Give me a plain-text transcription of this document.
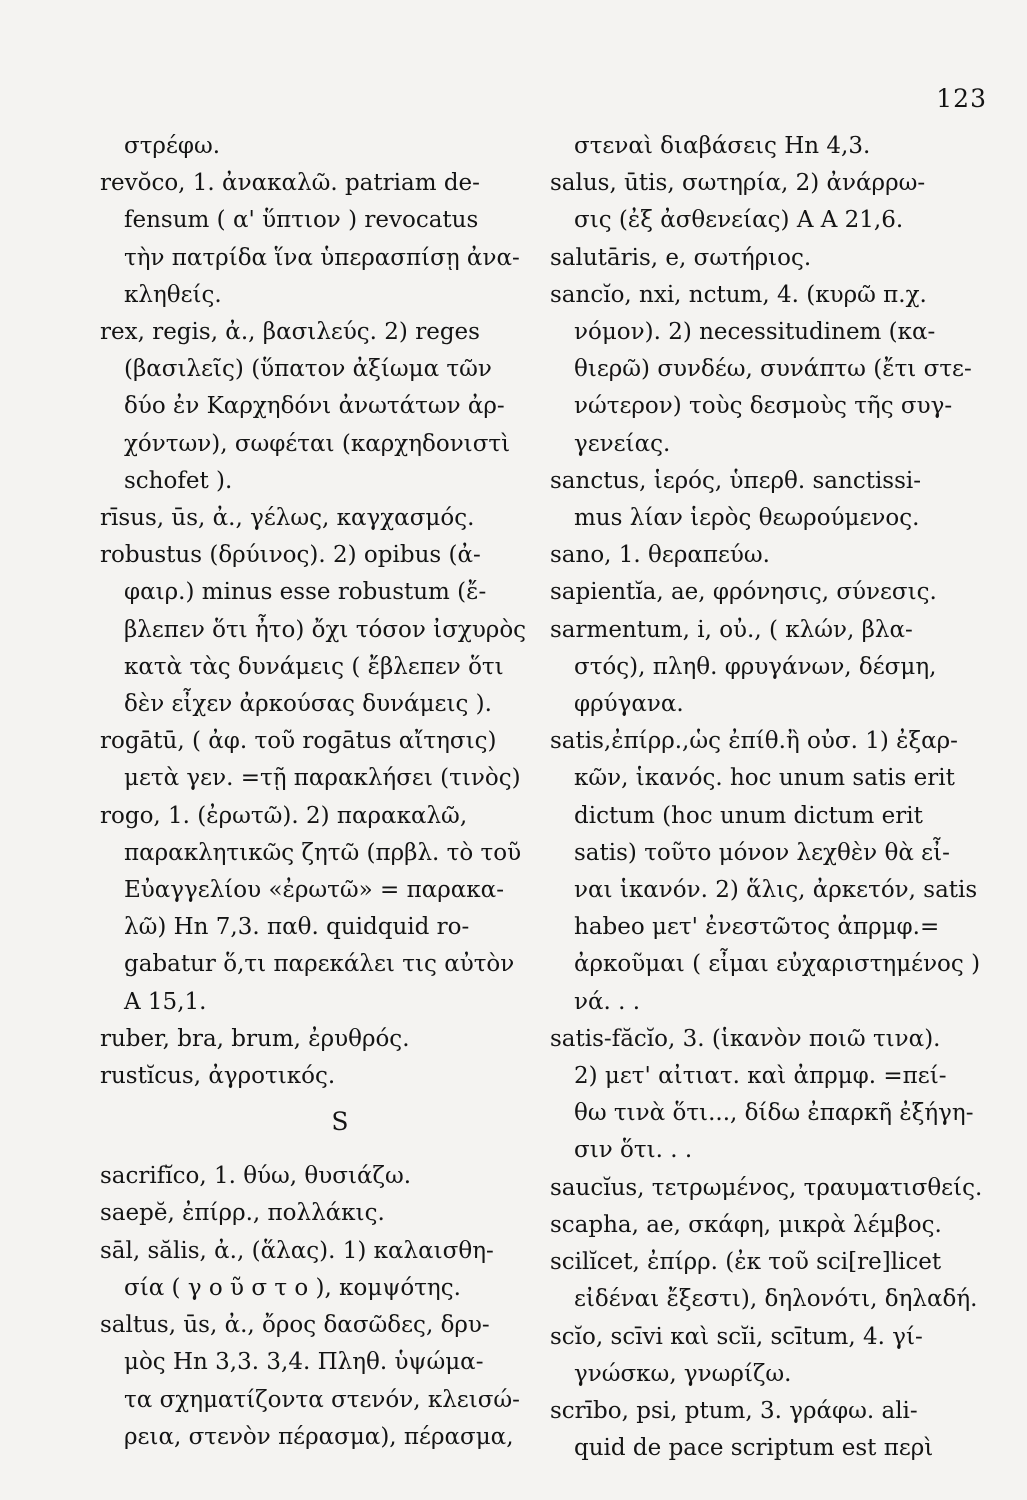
123
στρέφω.
revŏco, 1. ἀνακαλῶ. patriam de-
fensum ( α' ὕπτιον ) revocatus
τὴν πατρίδα ἵνα ὑπερασπίσῃ ἀνα-
κληθείς.
rex, regis, ἀ., βασιλεύς. 2) reges
(βασιλεῖς) (ὕπατον ἀξίωμα τῶν
δύο ἐν Καρχηδόνι ἀνωτάτων ἀρ-
χόντων), σωφέται (καρχηδονιστὶ
schofet ).
rīsus, ūs, ἀ., γέλως, καγχασμός.
robustus (δρύινος). 2) opibus (ἀ-
φαιρ.) minus esse robustum (ἔ-
βλεπεν ὅτι ἦτο) ὄχι τόσον ἰσχυρὸς
κατὰ τὰς δυνάμεις ( ἔβλεπεν ὅτι
δὲν εἶχεν ἀρκούσας δυνάμεις ).
rogātū, ( ἀφ. τοῦ rogātus αἴτησις)
μετὰ γεν. =τῇ παρακλήσει (τινὸς)
rogo, 1. (ἐρωτῶ). 2) παρακαλῶ,
παρακλητικῶς ζητῶ (πρβλ. τὸ τοῦ
Εὐαγγελίου «ἐρωτῶ» = παρακα-
λῶ) Hn 7,3. παθ. quidquid ro-
gabatur ὅ,τι παρεκάλει τις αὐτὸν
A 15,1.
ruber, bra, brum, ἐρυθρός.
rustĭcus, ἀγροτικός.
S
sacrifĭco, 1. θύω, θυσιάζω.
saepĕ, ἐπίρρ., πολλάκις.
sāl, sălis, ἀ., (ἅλας). 1) καλαισθη-
σία ( γ ο ῦ σ τ ο ), κομψότης.
saltus, ūs, ἀ., ὄρος δασῶδες, δρυ-
μὸς Hn 3,3. 3,4. Πληθ. ὑψώμα-
τα σχηματίζοντα στενόν, κλεισώ-
ρεια, στενὸν πέρασμα), πέρασμα,
στεναὶ διαβάσεις Hn 4,3.
salus, ūtis, σωτηρία, 2) ἀνάρρω-
σις (ἐξ ἀσθενείας) A A 21,6.
salutāris, e, σωτήριος.
sancĭo, nxi, nctum, 4. (κυρῶ π.χ.
νόμον). 2) necessitudinem (κα-
θιερῶ) συνδέω, συνάπτω (ἔτι στε-
νώτερον) τοὺς δεσμοὺς τῆς συγ-
γενείας.
sanctus, ἱερός, ὑπερθ. sanctissi-
mus λίαν ἱερὸς θεωρούμενος.
sano, 1. θεραπεύω.
sapientĭa, ae, φρόνησις, σύνεσις.
sarmentum, i, οὐ., ( κλών, βλα-
στός), πληθ. φρυγάνων, δέσμη,
φρύγανα.
satis,ἐπίρρ.,ὡς ἐπίθ.ἢ οὐσ. 1) ἐξαρ-
κῶν, ἱκανός. hoc unum satis erit
dictum (hoc unum dictum erit
satis) τοῦτο μόνον λεχθὲν θὰ εἶ-
ναι ἱκανόν. 2) ἅλις, ἀρκετόν, satis
habeo μετ' ἐνεστῶτος ἀπρμφ.=
ἀρκοῦμαι ( εἶμαι εὐχαριστημένος )
νά. . .
satis-făcĭo, 3. (ἱκανὸν ποιῶ τινα).
2) μετ' αἰτιατ. καὶ ἀπρμφ. =πεί-
θω τινὰ ὅτι..., δίδω ἐπαρκῆ ἐξήγη-
σιν ὅτι. . .
saucĭus, τετρωμένος, τραυματισθείς.
scapha, ae, σκάφη, μικρὰ λέμβος.
scilĭcet, ἐπίρρ. (ἐκ τοῦ sci[re]licet
εἰδέναι ἔξεστι), δηλονότι, δηλαδή.
scĭo, scīvi καὶ scĭi, scītum, 4. γί-
γνώσκω, γνωρίζω.
scrībo, psi, ptum, 3. γράφω. ali-
quid de pace scriptum est περὶ
